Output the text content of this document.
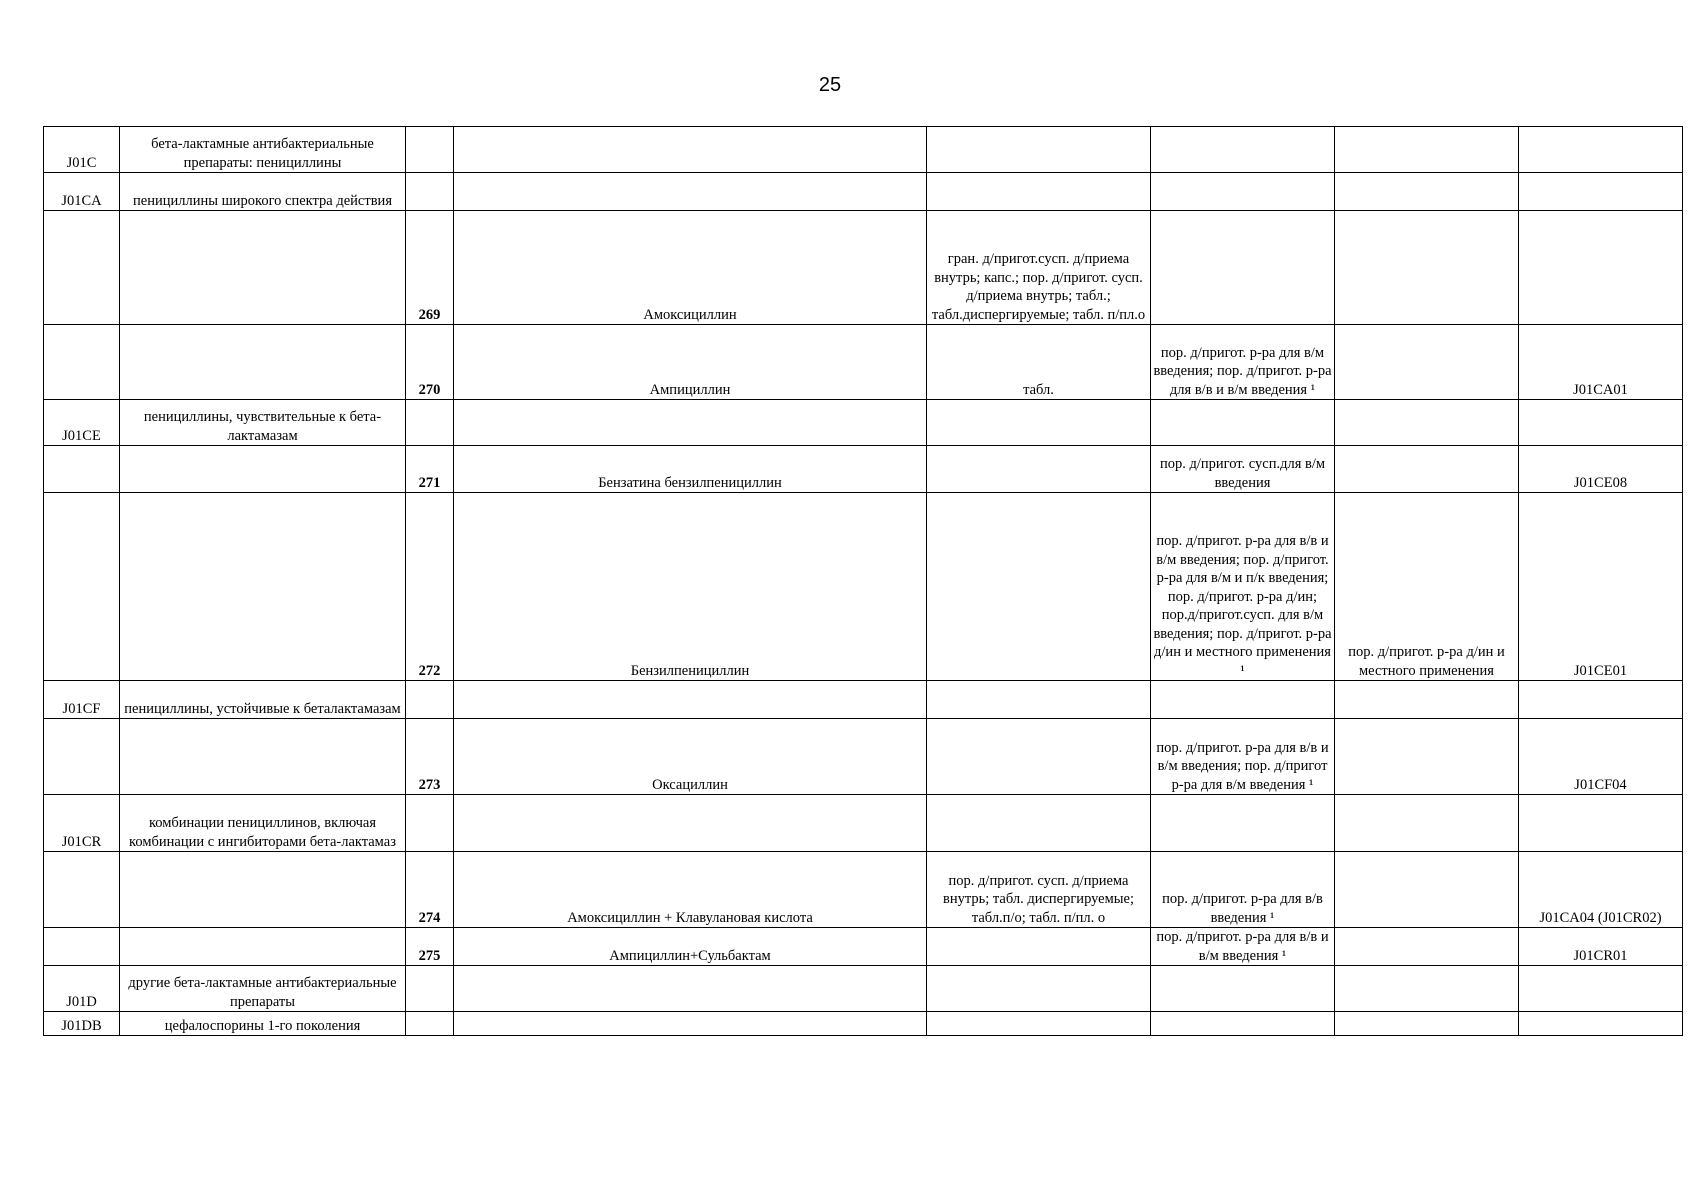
25
J01C	бета-лактамные антибактериальные препараты: пенициллины						
J01CA	пенициллины широкого спектра действия						
		269	Амоксициллин	гран. д/пригот.сусп. д/приема внутрь; капс.; пор. д/пригот. сусп. д/приема внутрь; табл.; табл.диспергируемые; табл. п/пл.о			
		270	Ампициллин	табл.	пор. д/пригот. р-ра для в/м введения; пор. д/пригот. р-ра для в/в и в/м введения ¹		J01CA01
J01CE	пенициллины, чувствительные к бета-лактамазам						
		271	Бензатина бензилпенициллин		пор. д/пригот. сусп.для в/м введения		J01CE08
		272	Бензилпенициллин		пор. д/пригот. р-ра для в/в и в/м введения; пор. д/пригот. р-ра для в/м и п/к введения; пор. д/пригот. р-ра д/ин; пор.д/пригот.сусп. для в/м введения; пор. д/пригот. р-ра д/ин и местного применения ¹	пор. д/пригот. р-ра д/ин и местного применения	J01CE01
J01CF	пенициллины, устойчивые к беталактамазам						
		273	Оксациллин		пор. д/пригот. р-ра для в/в и в/м введения; пор. д/пригот р-ра для в/м введения ¹		J01CF04
J01CR	комбинации пенициллинов, включая комбинации с ингибиторами бета-лактамаз						
		274	Амоксициллин + Клавулановая кислота	пор. д/пригот. сусп. д/приема внутрь; табл. диспергируемые; табл.п/о; табл. п/пл. о	пор. д/пригот. р-ра для в/в введения ¹		J01CA04 (J01CR02)
		275	Ампициллин+Сульбактам		пор. д/пригот. р-ра для в/в и в/м введения ¹		J01CR01
J01D	другие бета-лактамные антибактериальные препараты						
J01DB	цефалоспорины 1-го поколения						
